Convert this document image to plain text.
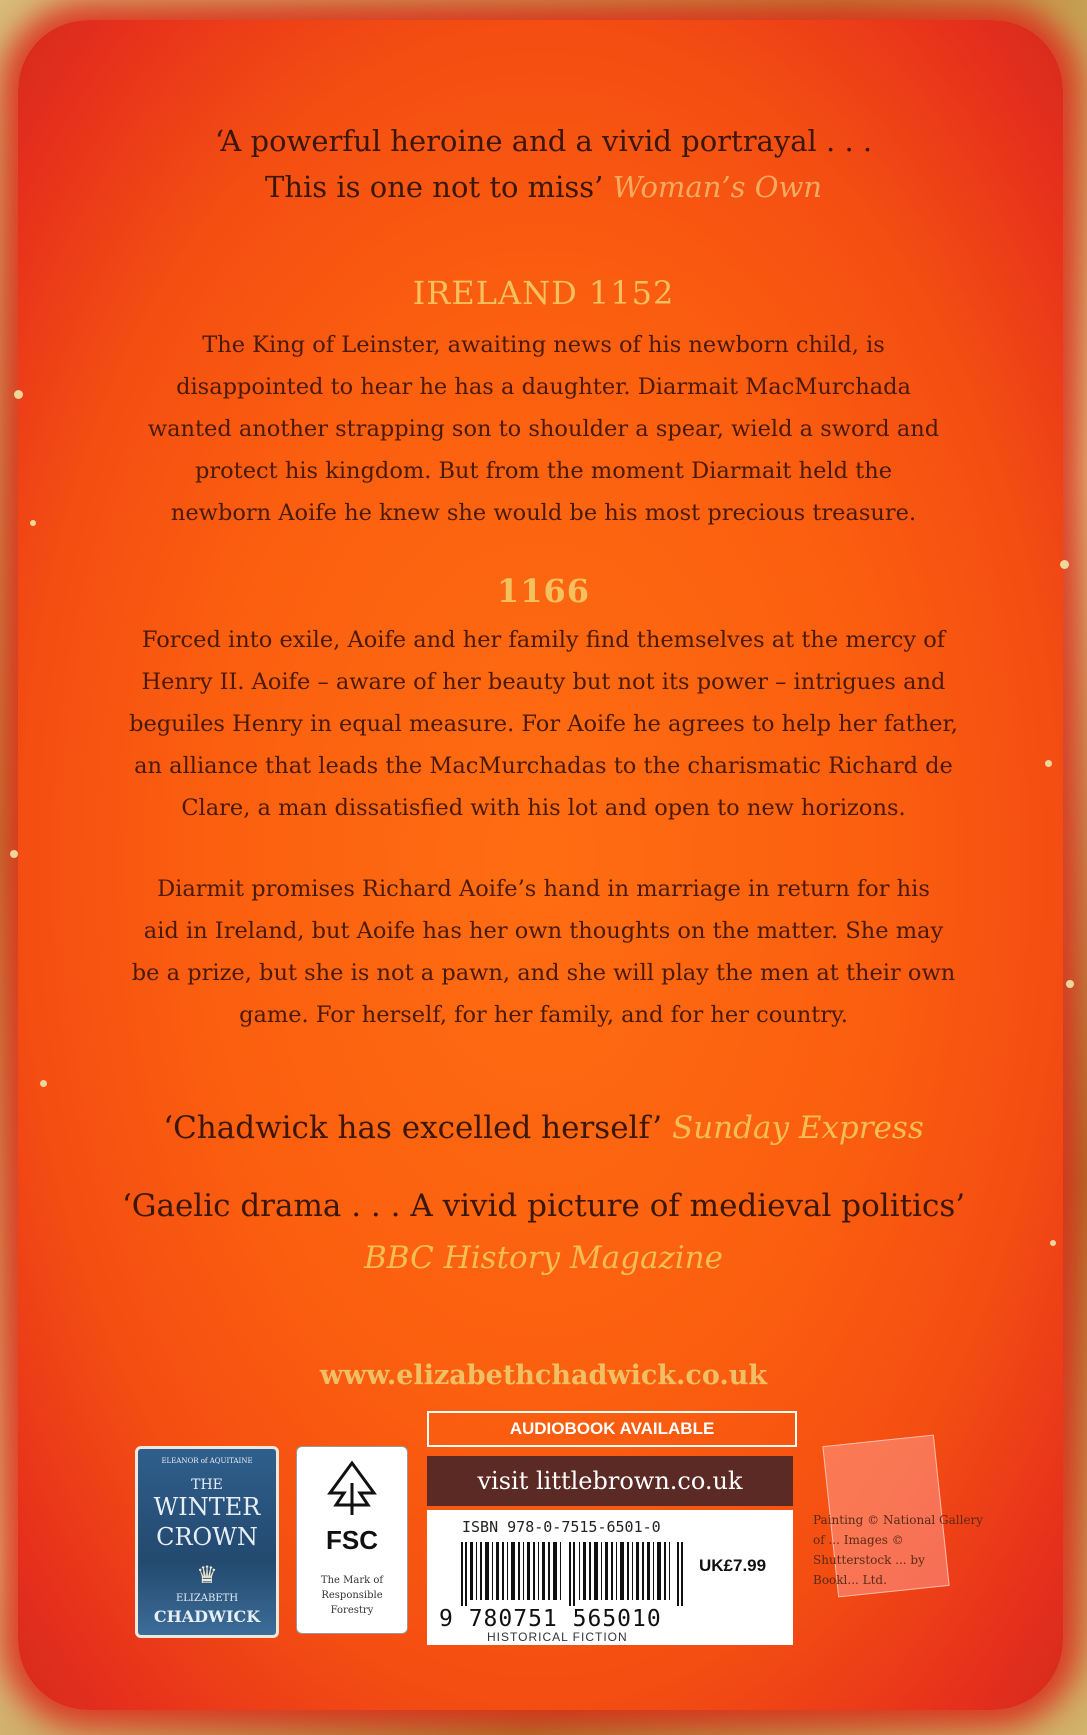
‘A powerful heroine and a vivid portrayal . . .
This is one not to miss’ Woman’s Own
IRELAND 1152

The King of Leinster, awaiting news of his newborn child, is

disappointed to hear he has a daughter. Diarmait MacMurchada

wanted another strapping son to shoulder a spear, wield a sword and

protect his kingdom. But from the moment Diarmait held the

newborn Aoife he knew she would be his most precious treasure.

1166

Forced into exile, Aoife and her family find themselves at the mercy of

Henry II. Aoife – aware of her beauty but not its power – intrigues and

beguiles Henry in equal measure. For Aoife he agrees to help her father,

an alliance that leads the MacMurchadas to the charismatic Richard de

Clare, a man dissatisfied with his lot and open to new horizons.

Diarmit promises Richard Aoife’s hand in marriage in return for his

aid in Ireland, but Aoife has her own thoughts on the matter. She may

be a prize, but she is not a pawn, and she will play the men at their own

game. For herself, for her family, and for her country.

‘Chadwick has excelled herself’ Sunday Express
‘Gaelic drama . . . A vivid picture of medieval politics’
BBC History Magazine
www.elizabethchadwick.co.uk
ELEANOR of AQUITAINE
THE
WINTER
CROWN
♛
ELIZABETH
CHADWICK
FSC
The Mark of
Responsible
Forestry
AUDIOBOOK AVAILABLE
visit littlebrown.co.uk
ISBN 978-0-7515-6501-0
UK£7.99
9 780751 565010
HISTORICAL FICTION
Painting © National Gallery
of ... Images ©
Shutterstock ... by
Bookl... Ltd.
